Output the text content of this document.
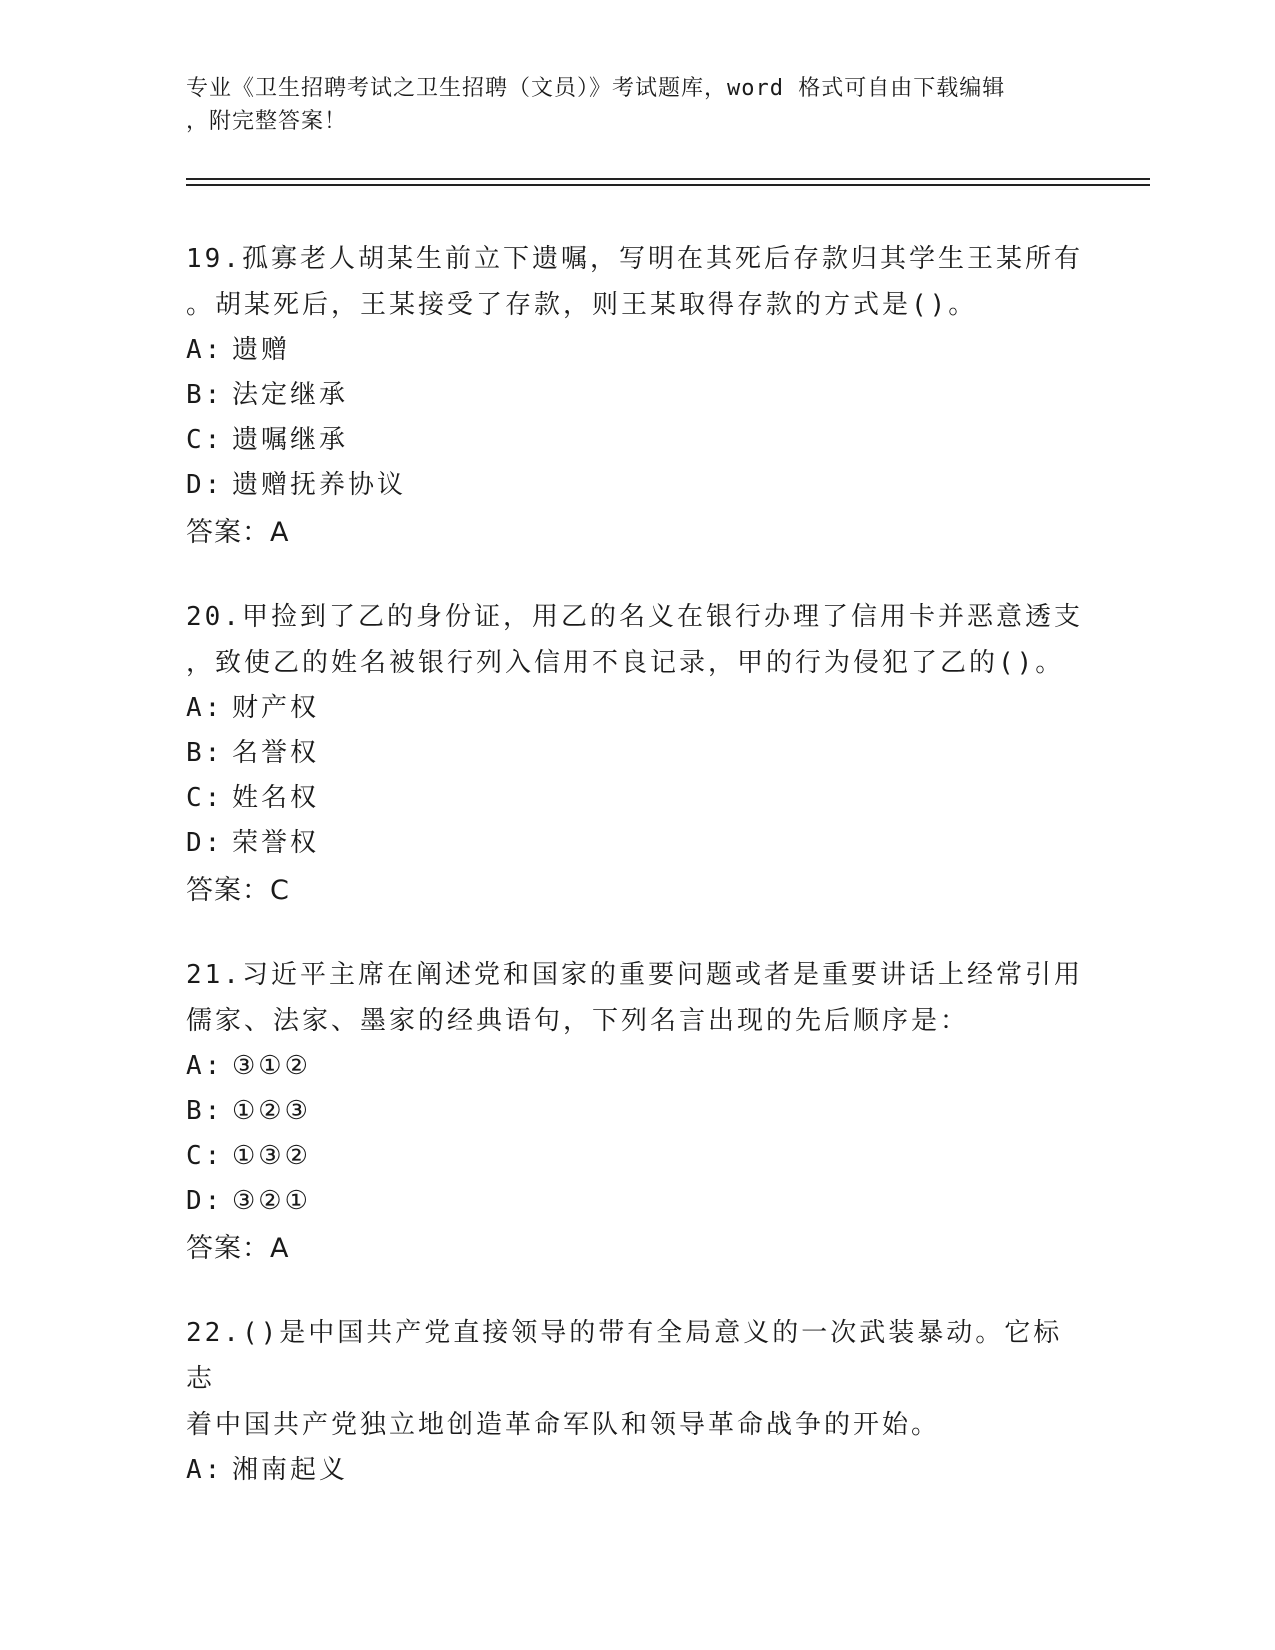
专业《卫生招聘考试之卫生招聘（文员）》考试题库，word 格式可自由下载编辑
，附完整答案！
19.孤寡老人胡某生前立下遗嘱，写明在其死后存款归其学生王某所有
。胡某死后，王某接受了存款，则王某取得存款的方式是()。
A: 遗赠
B: 法定继承
C: 遗嘱继承
D: 遗赠抚养协议
答案：A
20.甲捡到了乙的身份证，用乙的名义在银行办理了信用卡并恶意透支
，致使乙的姓名被银行列入信用不良记录，甲的行为侵犯了乙的()。
A: 财产权
B: 名誉权
C: 姓名权
D: 荣誉权
答案：C
21.习近平主席在阐述党和国家的重要问题或者是重要讲话上经常引用
儒家、法家、墨家的经典语句，下列名言出现的先后顺序是：
A: ③①②
B: ①②③
C: ①③②
D: ③②①
答案：A
22.()是中国共产党直接领导的带有全局意义的一次武装暴动。它标志
着中国共产党独立地创造革命军队和领导革命战争的开始。
A: 湘南起义
